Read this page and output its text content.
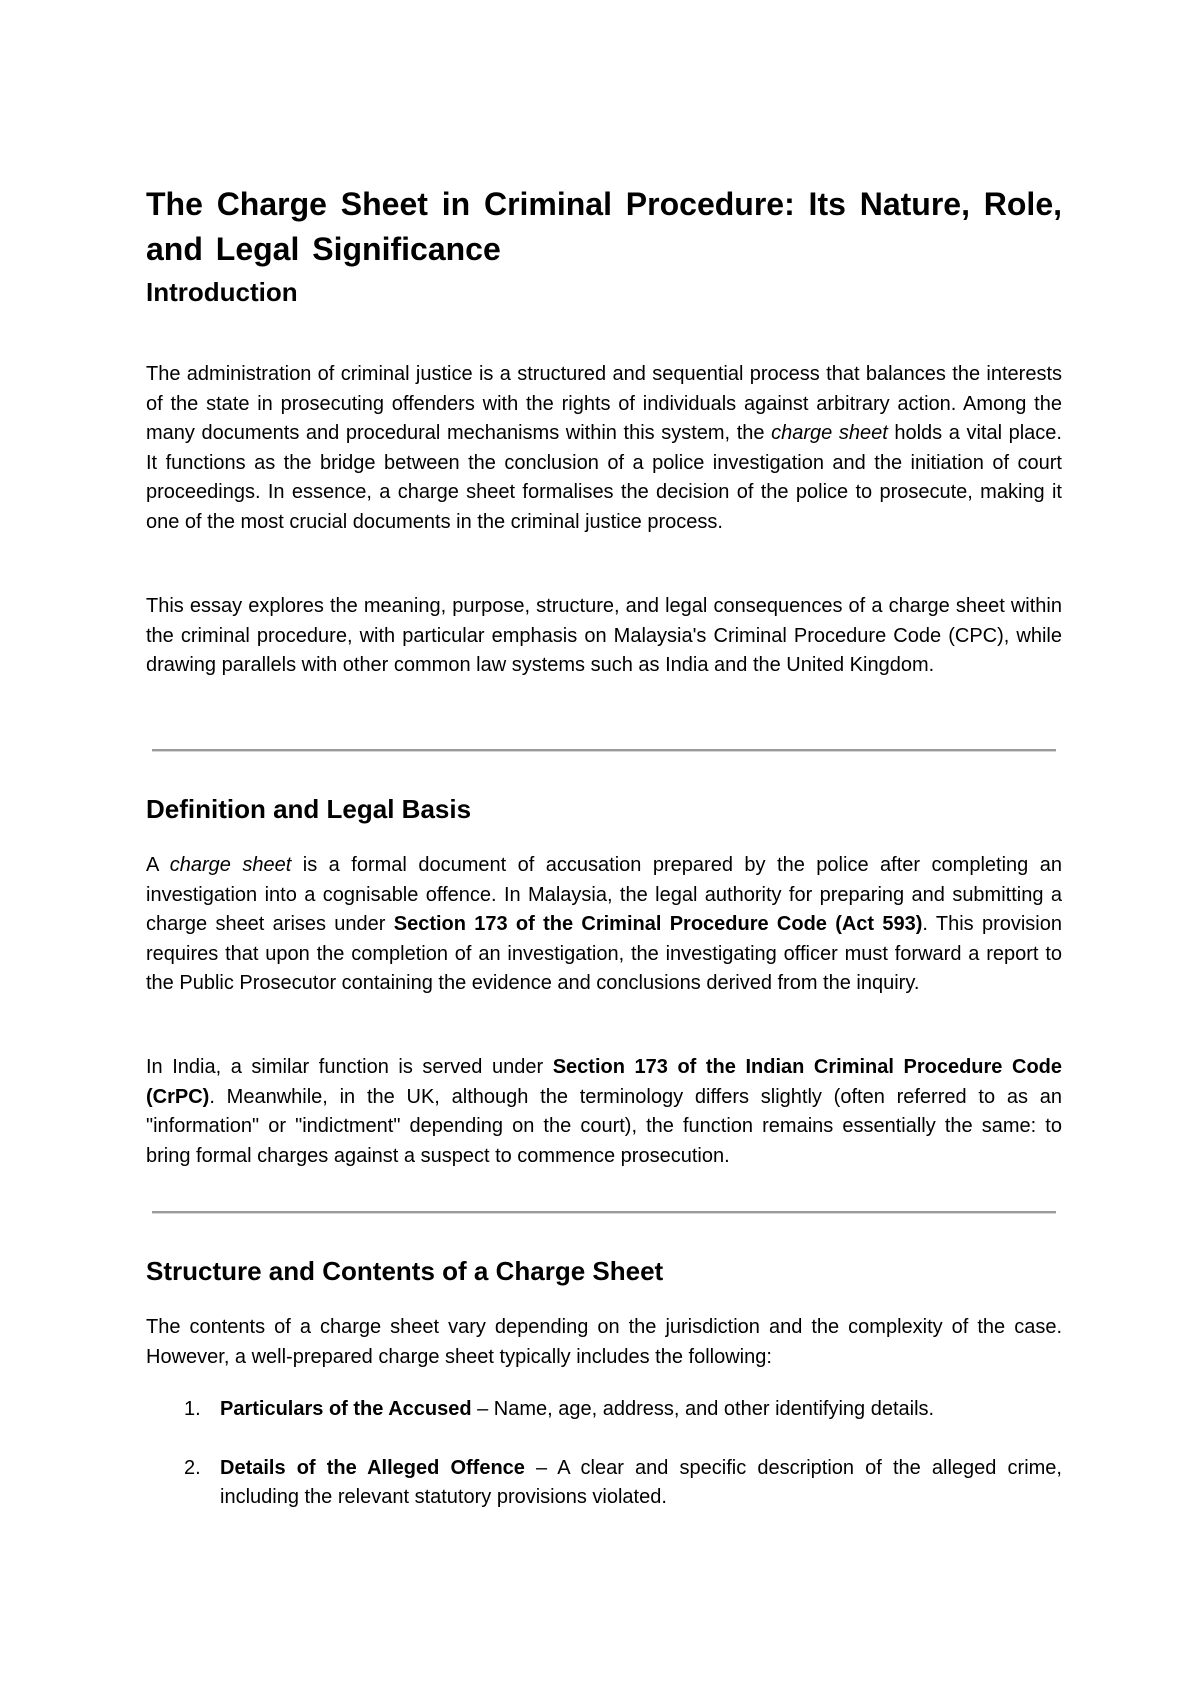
The Charge Sheet in Criminal Procedure: Its Nature, Role, and Legal Significance
Introduction

The administration of criminal justice is a structured and sequential process that balances the interests of the state in prosecuting offenders with the rights of individuals against arbitrary action. Among the many documents and procedural mechanisms within this system, the charge sheet holds a vital place. It functions as the bridge between the conclusion of a police investigation and the initiation of court proceedings. In essence, a charge sheet formalises the decision of the police to prosecute, making it one of the most crucial documents in the criminal justice process.

This essay explores the meaning, purpose, structure, and legal consequences of a charge sheet within the criminal procedure, with particular emphasis on Malaysia's Criminal Procedure Code (CPC), while drawing parallels with other common law systems such as India and the United Kingdom.

Definition and Legal Basis

A charge sheet is a formal document of accusation prepared by the police after completing an investigation into a cognisable offence. In Malaysia, the legal authority for preparing and submitting a charge sheet arises under Section 173 of the Criminal Procedure Code (Act 593). This provision requires that upon the completion of an investigation, the investigating officer must forward a report to the Public Prosecutor containing the evidence and conclusions derived from the inquiry.

In India, a similar function is served under Section 173 of the Indian Criminal Procedure Code (CrPC). Meanwhile, in the UK, although the terminology differs slightly (often referred to as an "information" or "indictment" depending on the court), the function remains essentially the same: to bring formal charges against a suspect to commence prosecution.

Structure and Contents of a Charge Sheet

The contents of a charge sheet vary depending on the jurisdiction and the complexity of the case. However, a well-prepared charge sheet typically includes the following:

1. Particulars of the Accused – Name, age, address, and other identifying details.
2. Details of the Alleged Offence – A clear and specific description of the alleged crime, including the relevant statutory provisions violated.
